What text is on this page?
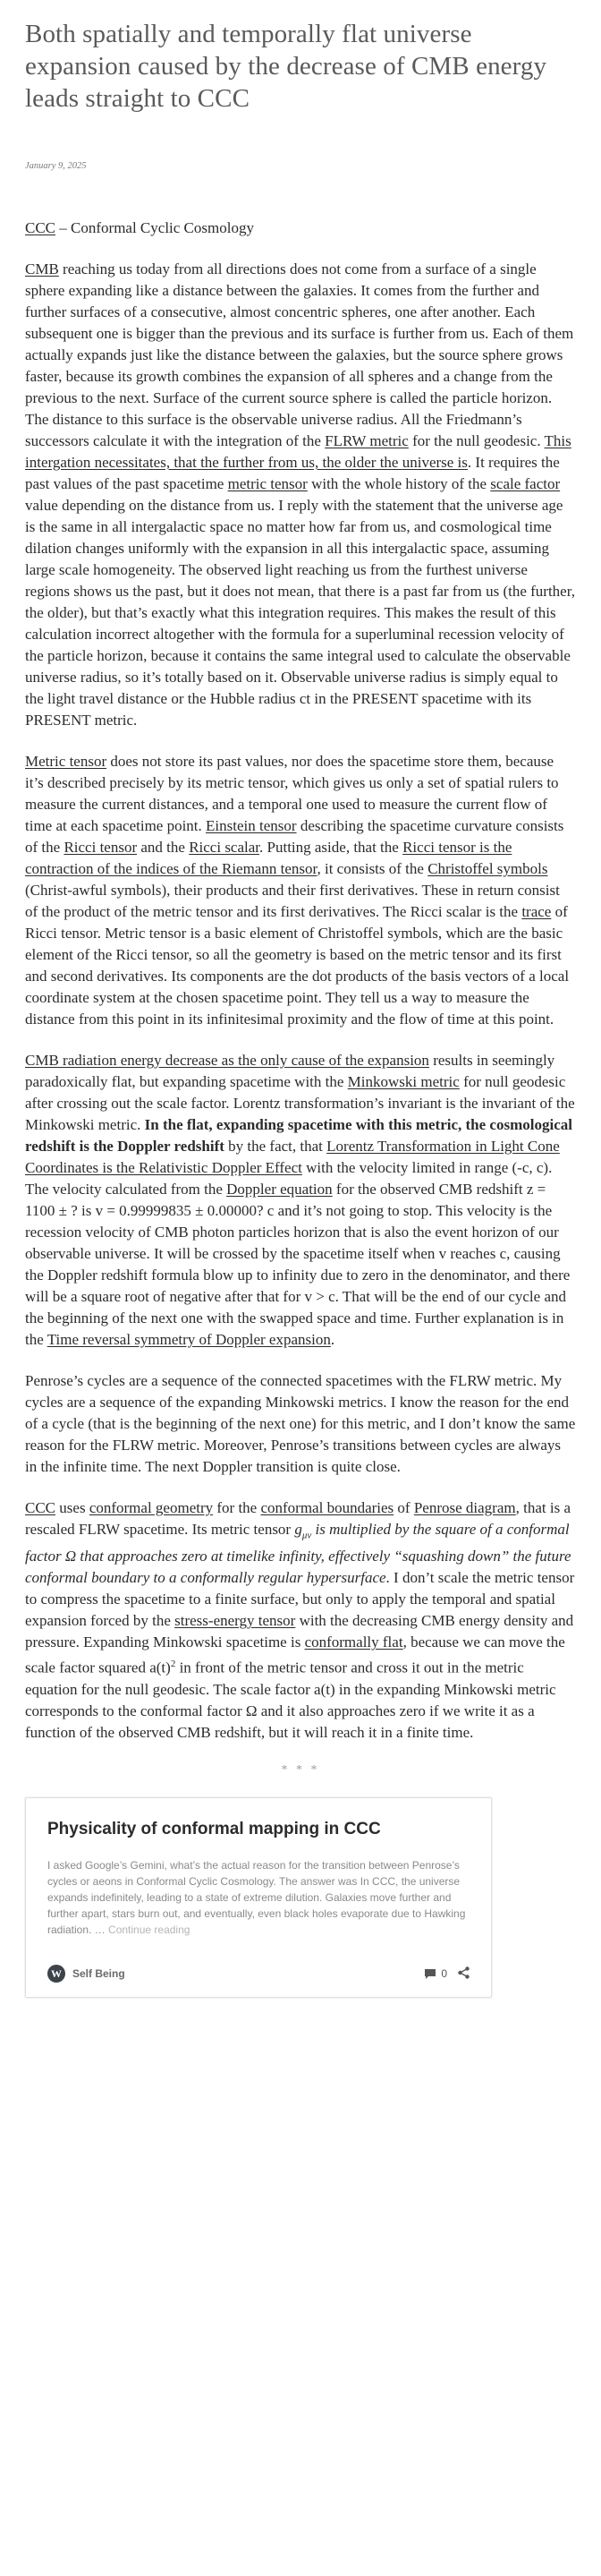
Both spatially and temporally flat universe expansion caused by the decrease of CMB energy leads straight to CCC
January 9, 2025

CCC – Conformal Cyclic Cosmology

CMB reaching us today from all directions does not come from a surface of a single sphere expanding like a distance between the galaxies. It comes from the further and further surfaces of a consecutive, almost concentric spheres, one after another. Each subsequent one is bigger than the previous and its surface is further from us. Each of them actually expands just like the distance between the galaxies, but the source sphere grows faster, because its growth combines the expansion of all spheres and a change from the previous to the next. Surface of the current source sphere is called the particle horizon. The distance to this surface is the observable universe radius. All the Friedmann’s successors calculate it with the integration of the FLRW metric for the null geodesic. This intergation necessitates, that the further from us, the older the universe is. It requires the past values of the past spacetime metric tensor with the whole history of the scale factor value depending on the distance from us. I reply with the statement that the universe age is the same in all intergalactic space no matter how far from us, and cosmological time dilation changes uniformly with the expansion in all this intergalactic space, assuming large scale homogeneity. The observed light reaching us from the furthest universe regions shows us the past, but it does not mean, that there is a past far from us (the further, the older), but that’s exactly what this integration requires. This makes the result of this calculation incorrect altogether with the formula for a superluminal recession velocity of the particle horizon, because it contains the same integral used to calculate the observable universe radius, so it’s totally based on it. Observable universe radius is simply equal to the light travel distance or the Hubble radius ct in the PRESENT spacetime with its PRESENT metric.

Metric tensor does not store its past values, nor does the spacetime store them, because it’s described precisely by its metric tensor, which gives us only a set of spatial rulers to measure the current distances, and a temporal one used to measure the current flow of time at each spacetime point. Einstein tensor describing the spacetime curvature consists of the Ricci tensor and the Ricci scalar. Putting aside, that the Ricci tensor is the contraction of the indices of the Riemann tensor, it consists of the Christoffel symbols (Christ-awful symbols), their products and their first derivatives. These in return consist of the product of the metric tensor and its first derivatives. The Ricci scalar is the trace of Ricci tensor. Metric tensor is a basic element of Christoffel symbols, which are the basic element of the Ricci tensor, so all the geometry is based on the metric tensor and its first and second derivatives. Its components are the dot products of the basis vectors of a local coordinate system at the chosen spacetime point. They tell us a way to measure the distance from this point in its infinitesimal proximity and the flow of time at this point.

CMB radiation energy decrease as the only cause of the expansion results in seemingly paradoxically flat, but expanding spacetime with the Minkowski metric for null geodesic after crossing out the scale factor. Lorentz transformation’s invariant is the invariant of the Minkowski metric. In the flat, expanding spacetime with this metric, the cosmological redshift is the Doppler redshift by the fact, that Lorentz Transformation in Light Cone Coordinates is the Relativistic Doppler Effect with the velocity limited in range (-c, c). The velocity calculated from the Doppler equation for the observed CMB redshift z = 1100 ± ? is v = 0.99999835 ± 0.00000? c and it’s not going to stop. This velocity is the recession velocity of CMB photon particles horizon that is also the event horizon of our observable universe. It will be crossed by the spacetime itself when v reaches c, causing the Doppler redshift formula blow up to infinity due to zero in the denominator, and there will be a square root of negative after that for v > c. That will be the end of our cycle and the beginning of the next one with the swapped space and time. Further explanation is in the Time reversal symmetry of Doppler expansion.

Penrose’s cycles are a sequence of the connected spacetimes with the FLRW metric. My cycles are a sequence of the expanding Minkowski metrics. I know the reason for the end of a cycle (that is the beginning of the next one) for this metric, and I don’t know the same reason for the FLRW metric. Moreover, Penrose’s transitions between cycles are always in the infinite time. The next Doppler transition is quite close.

CCC uses conformal geometry for the conformal boundaries of Penrose diagram, that is a rescaled FLRW spacetime. Its metric tensor $g_{\mu\nu}$ is multiplied by the square of a conformal factor Ω that approaches zero at timelike infinity, effectively “squashing down” the future conformal boundary to a conformally regular hypersurface. I don’t scale the metric tensor to compress the spacetime to a finite surface, but only to apply the temporal and spatial expansion forced by the stress-energy tensor with the decreasing CMB energy density and pressure. Expanding Minkowski spacetime is conformally flat, because we can move the scale factor squared $a(t)^2$ in front of the metric tensor and cross it out in the metric equation for the null geodesic. The scale factor a(t) in the expanding Minkowski metric corresponds to the conformal factor Ω and it also approaches zero if we write it as a function of the observed CMB redshift, but it will reach it in a finite time.

* * *
Physicality of conformal mapping in CCC
I asked Google’s Gemini, what’s the actual reason for the transition between Penrose’s cycles or aeons in Conformal Cyclic Cosmology. The answer was In CCC, the universe expands indefinitely, leading to a state of extreme dilution. Galaxies move further and further apart, stars burn out, and eventually, even black holes evaporate due to Hawking radiation. … Continue reading
W	Self Being	0
